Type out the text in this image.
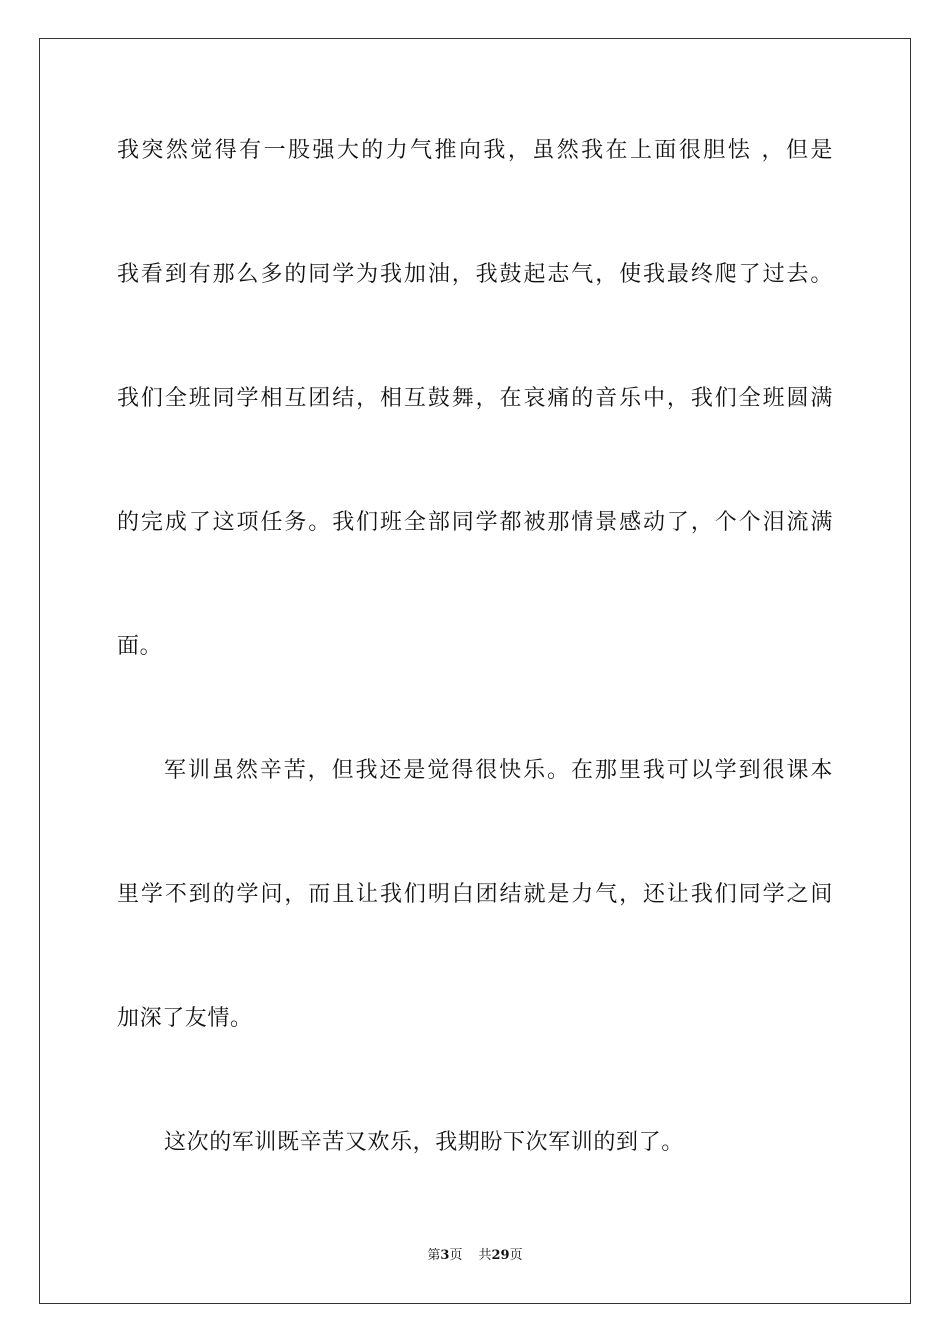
我突然觉得有一股强大的力气推向我，虽然我在上面很胆怯 ，但是
我看到有那么多的同学为我加油，我鼓起志气，使我最终爬了过去。
我们全班同学相互团结，相互鼓舞，在哀痛的音乐中，我们全班圆满
的完成了这项任务。我们班全部同学都被那情景感动了，个个泪流满
面。
军训虽然辛苦，但我还是觉得很快乐。在那里我可以学到很课本
里学不到的学问，而且让我们明白团结就是力气，还让我们同学之间
加深了友情。
这次的军训既辛苦又欢乐，我期盼下次军训的到了。
第3页 共29页
